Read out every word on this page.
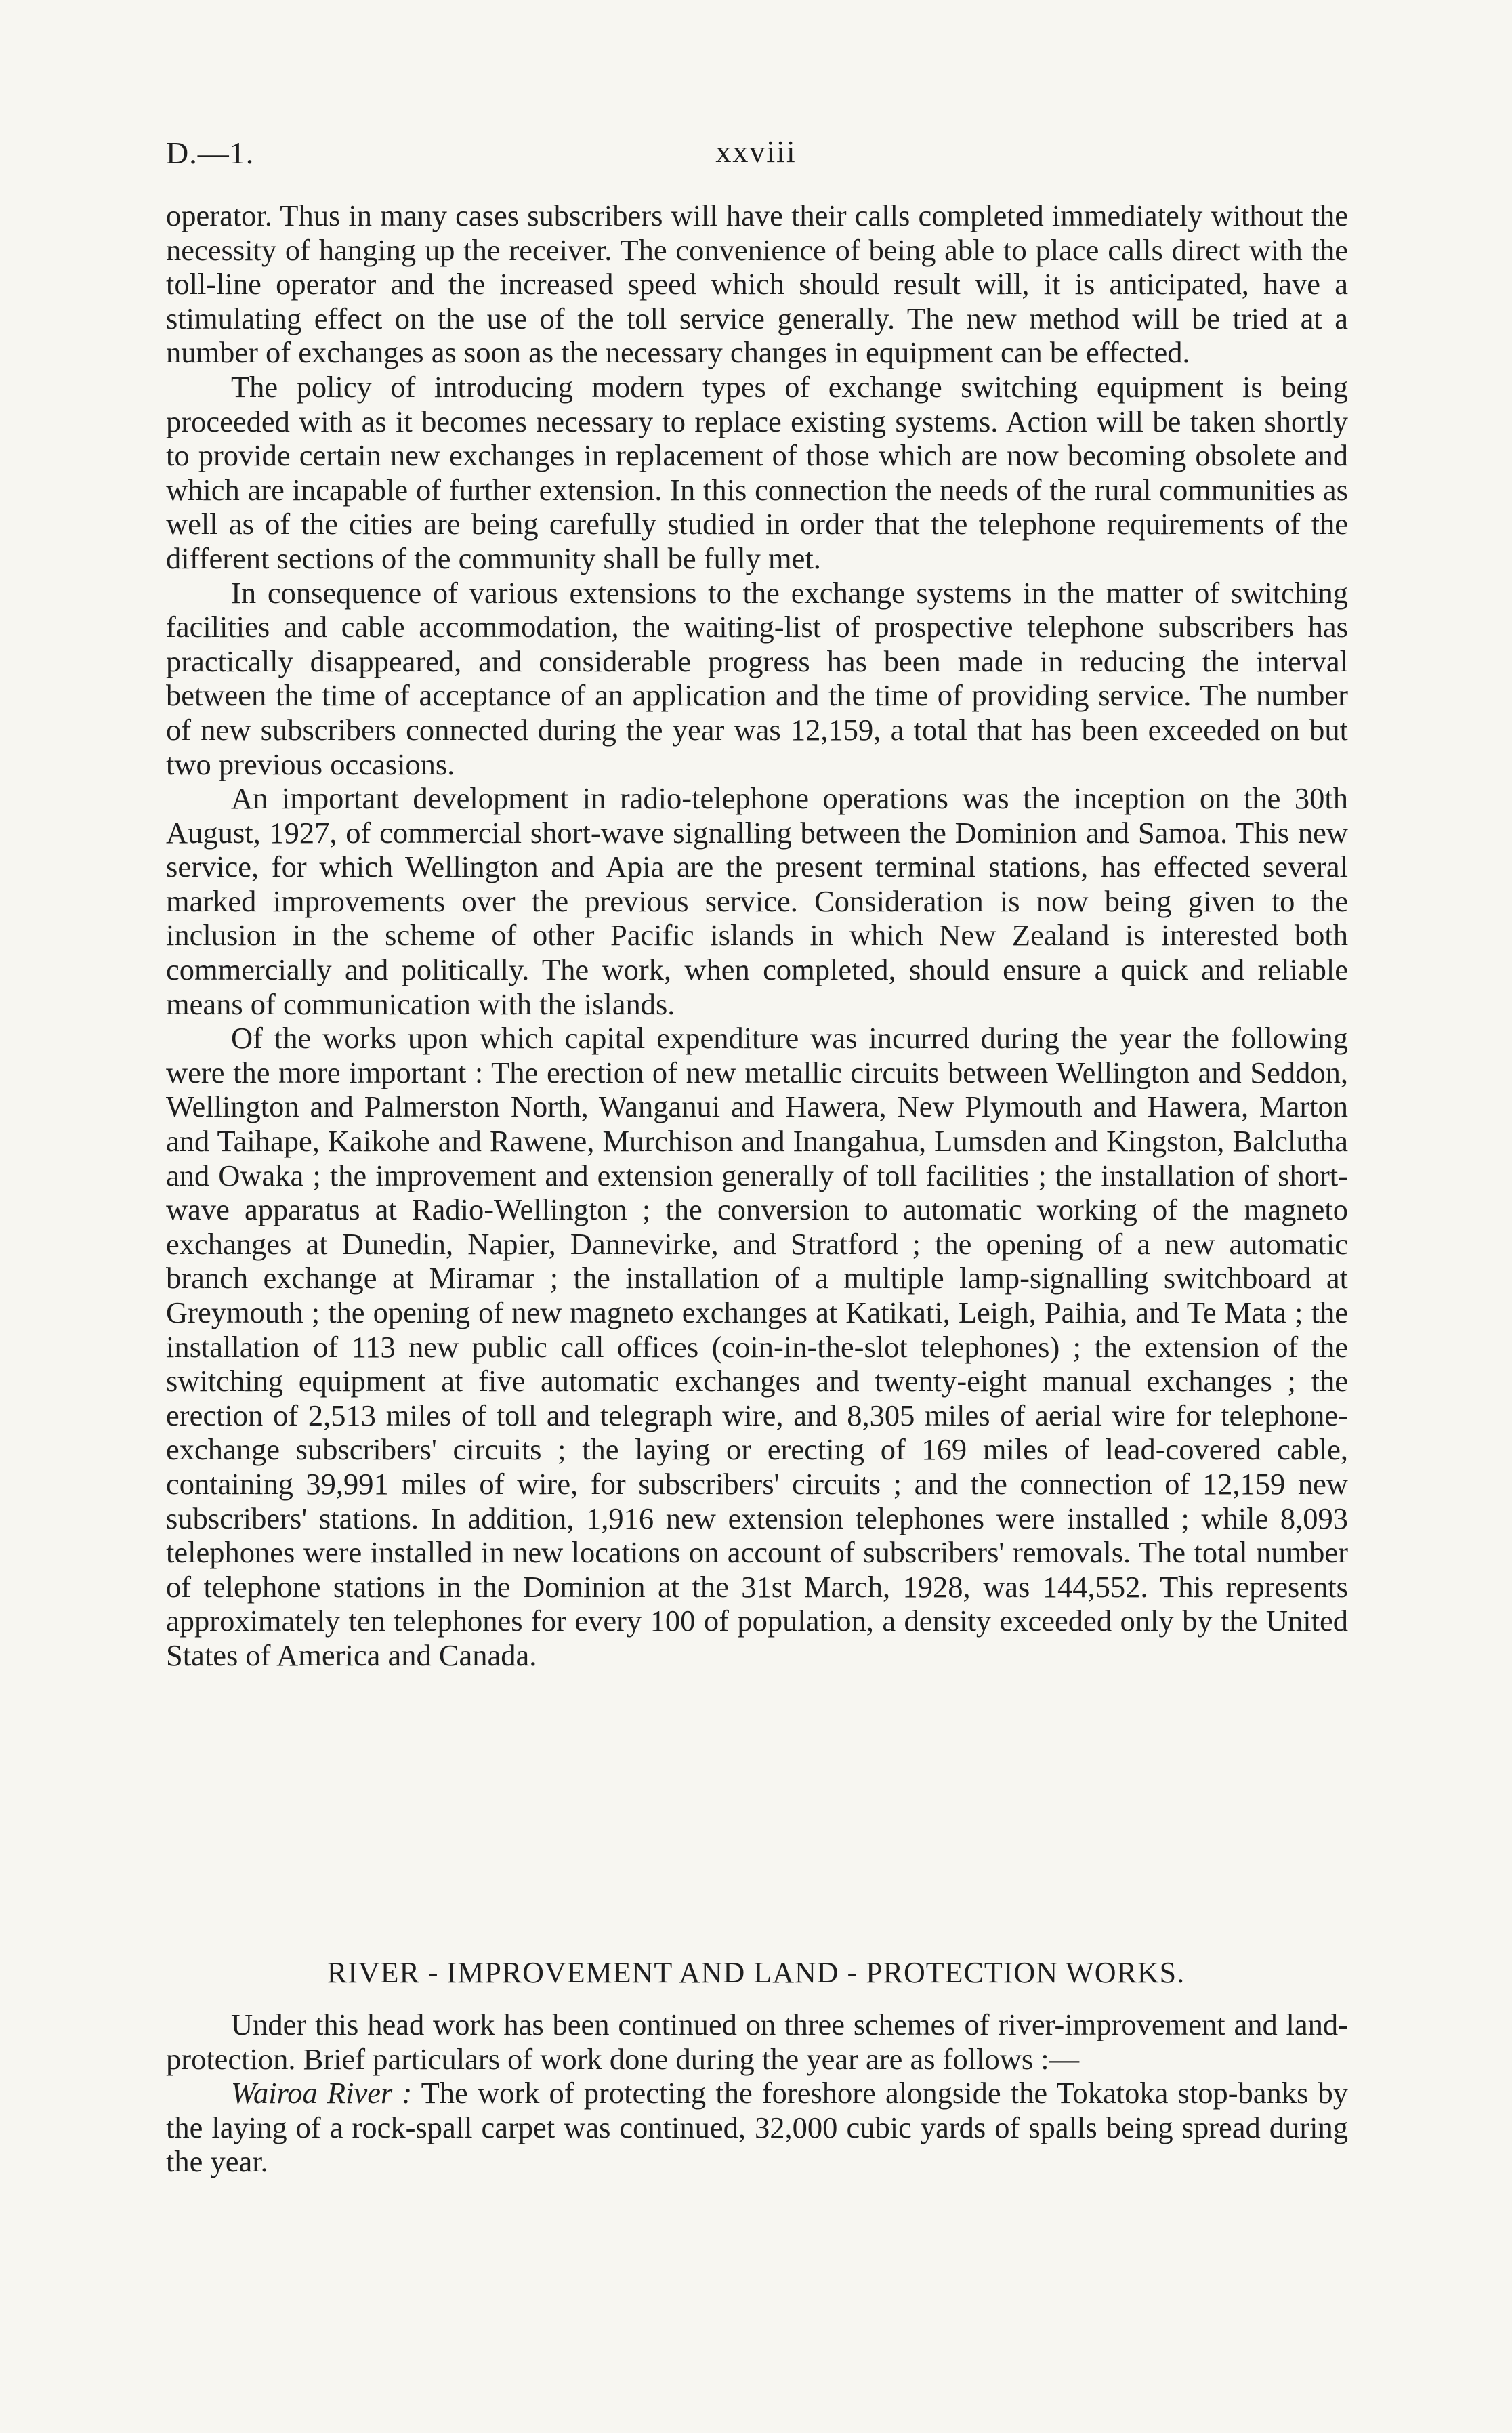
D.—1.	xxviii

operator. Thus in many cases subscribers will have their calls completed immediately without the necessity of hanging up the receiver. The convenience of being able to place calls direct with the toll-line operator and the increased speed which should result will, it is anticipated, have a stimulating effect on the use of the toll service generally. The new method will be tried at a number of exchanges as soon as the necessary changes in equipment can be effected.

The policy of introducing modern types of exchange switching equipment is being proceeded with as it becomes necessary to replace existing systems. Action will be taken shortly to provide certain new exchanges in replacement of those which are now becoming obsolete and which are incapable of further extension. In this connection the needs of the rural communities as well as of the cities are being carefully studied in order that the telephone requirements of the different sections of the community shall be fully met.

In consequence of various extensions to the exchange systems in the matter of switching facilities and cable accommodation, the waiting-list of prospective telephone subscribers has practically disappeared, and considerable progress has been made in reducing the interval between the time of acceptance of an application and the time of providing service. The number of new subscribers connected during the year was 12,159, a total that has been exceeded on but two previous occasions.

An important development in radio-telephone operations was the inception on the 30th August, 1927, of commercial short-wave signalling between the Dominion and Samoa. This new service, for which Wellington and Apia are the present terminal stations, has effected several marked improvements over the previous service. Consideration is now being given to the inclusion in the scheme of other Pacific islands in which New Zealand is interested both commercially and politically. The work, when completed, should ensure a quick and reliable means of communication with the islands.

Of the works upon which capital expenditure was incurred during the year the following were the more important : The erection of new metallic circuits between Wellington and Seddon, Wellington and Palmerston North, Wanganui and Hawera, New Plymouth and Hawera, Marton and Taihape, Kaikohe and Rawene, Murchison and Inangahua, Lumsden and Kingston, Balclutha and Owaka ; the improvement and extension generally of toll facilities ; the installation of short-wave apparatus at Radio-Wellington ; the conversion to automatic working of the magneto exchanges at Dunedin, Napier, Dannevirke, and Stratford ; the opening of a new automatic branch exchange at Miramar ; the installation of a multiple lamp-signalling switchboard at Greymouth ; the opening of new magneto exchanges at Katikati, Leigh, Paihia, and Te Mata ; the installation of 113 new public call offices (coin-in-the-slot telephones) ; the extension of the switching equipment at five automatic exchanges and twenty-eight manual exchanges ; the erection of 2,513 miles of toll and telegraph wire, and 8,305 miles of aerial wire for telephone-exchange subscribers' circuits ; the laying or erecting of 169 miles of lead-covered cable, containing 39,991 miles of wire, for subscribers' circuits ; and the connection of 12,159 new subscribers' stations. In addition, 1,916 new extension telephones were installed ; while 8,093 telephones were installed in new locations on account of subscribers' removals. The total number of telephone stations in the Dominion at the 31st March, 1928, was 144,552. This represents approximately ten telephones for every 100 of population, a density exceeded only by the United States of America and Canada.

RIVER - IMPROVEMENT AND LAND - PROTECTION WORKS.

Under this head work has been continued on three schemes of river-improvement and land-protection. Brief particulars of work done during the year are as follows :—

Wairoa River : The work of protecting the foreshore alongside the Tokatoka stop-banks by the laying of a rock-spall carpet was continued, 32,000 cubic yards of spalls being spread during the year.
